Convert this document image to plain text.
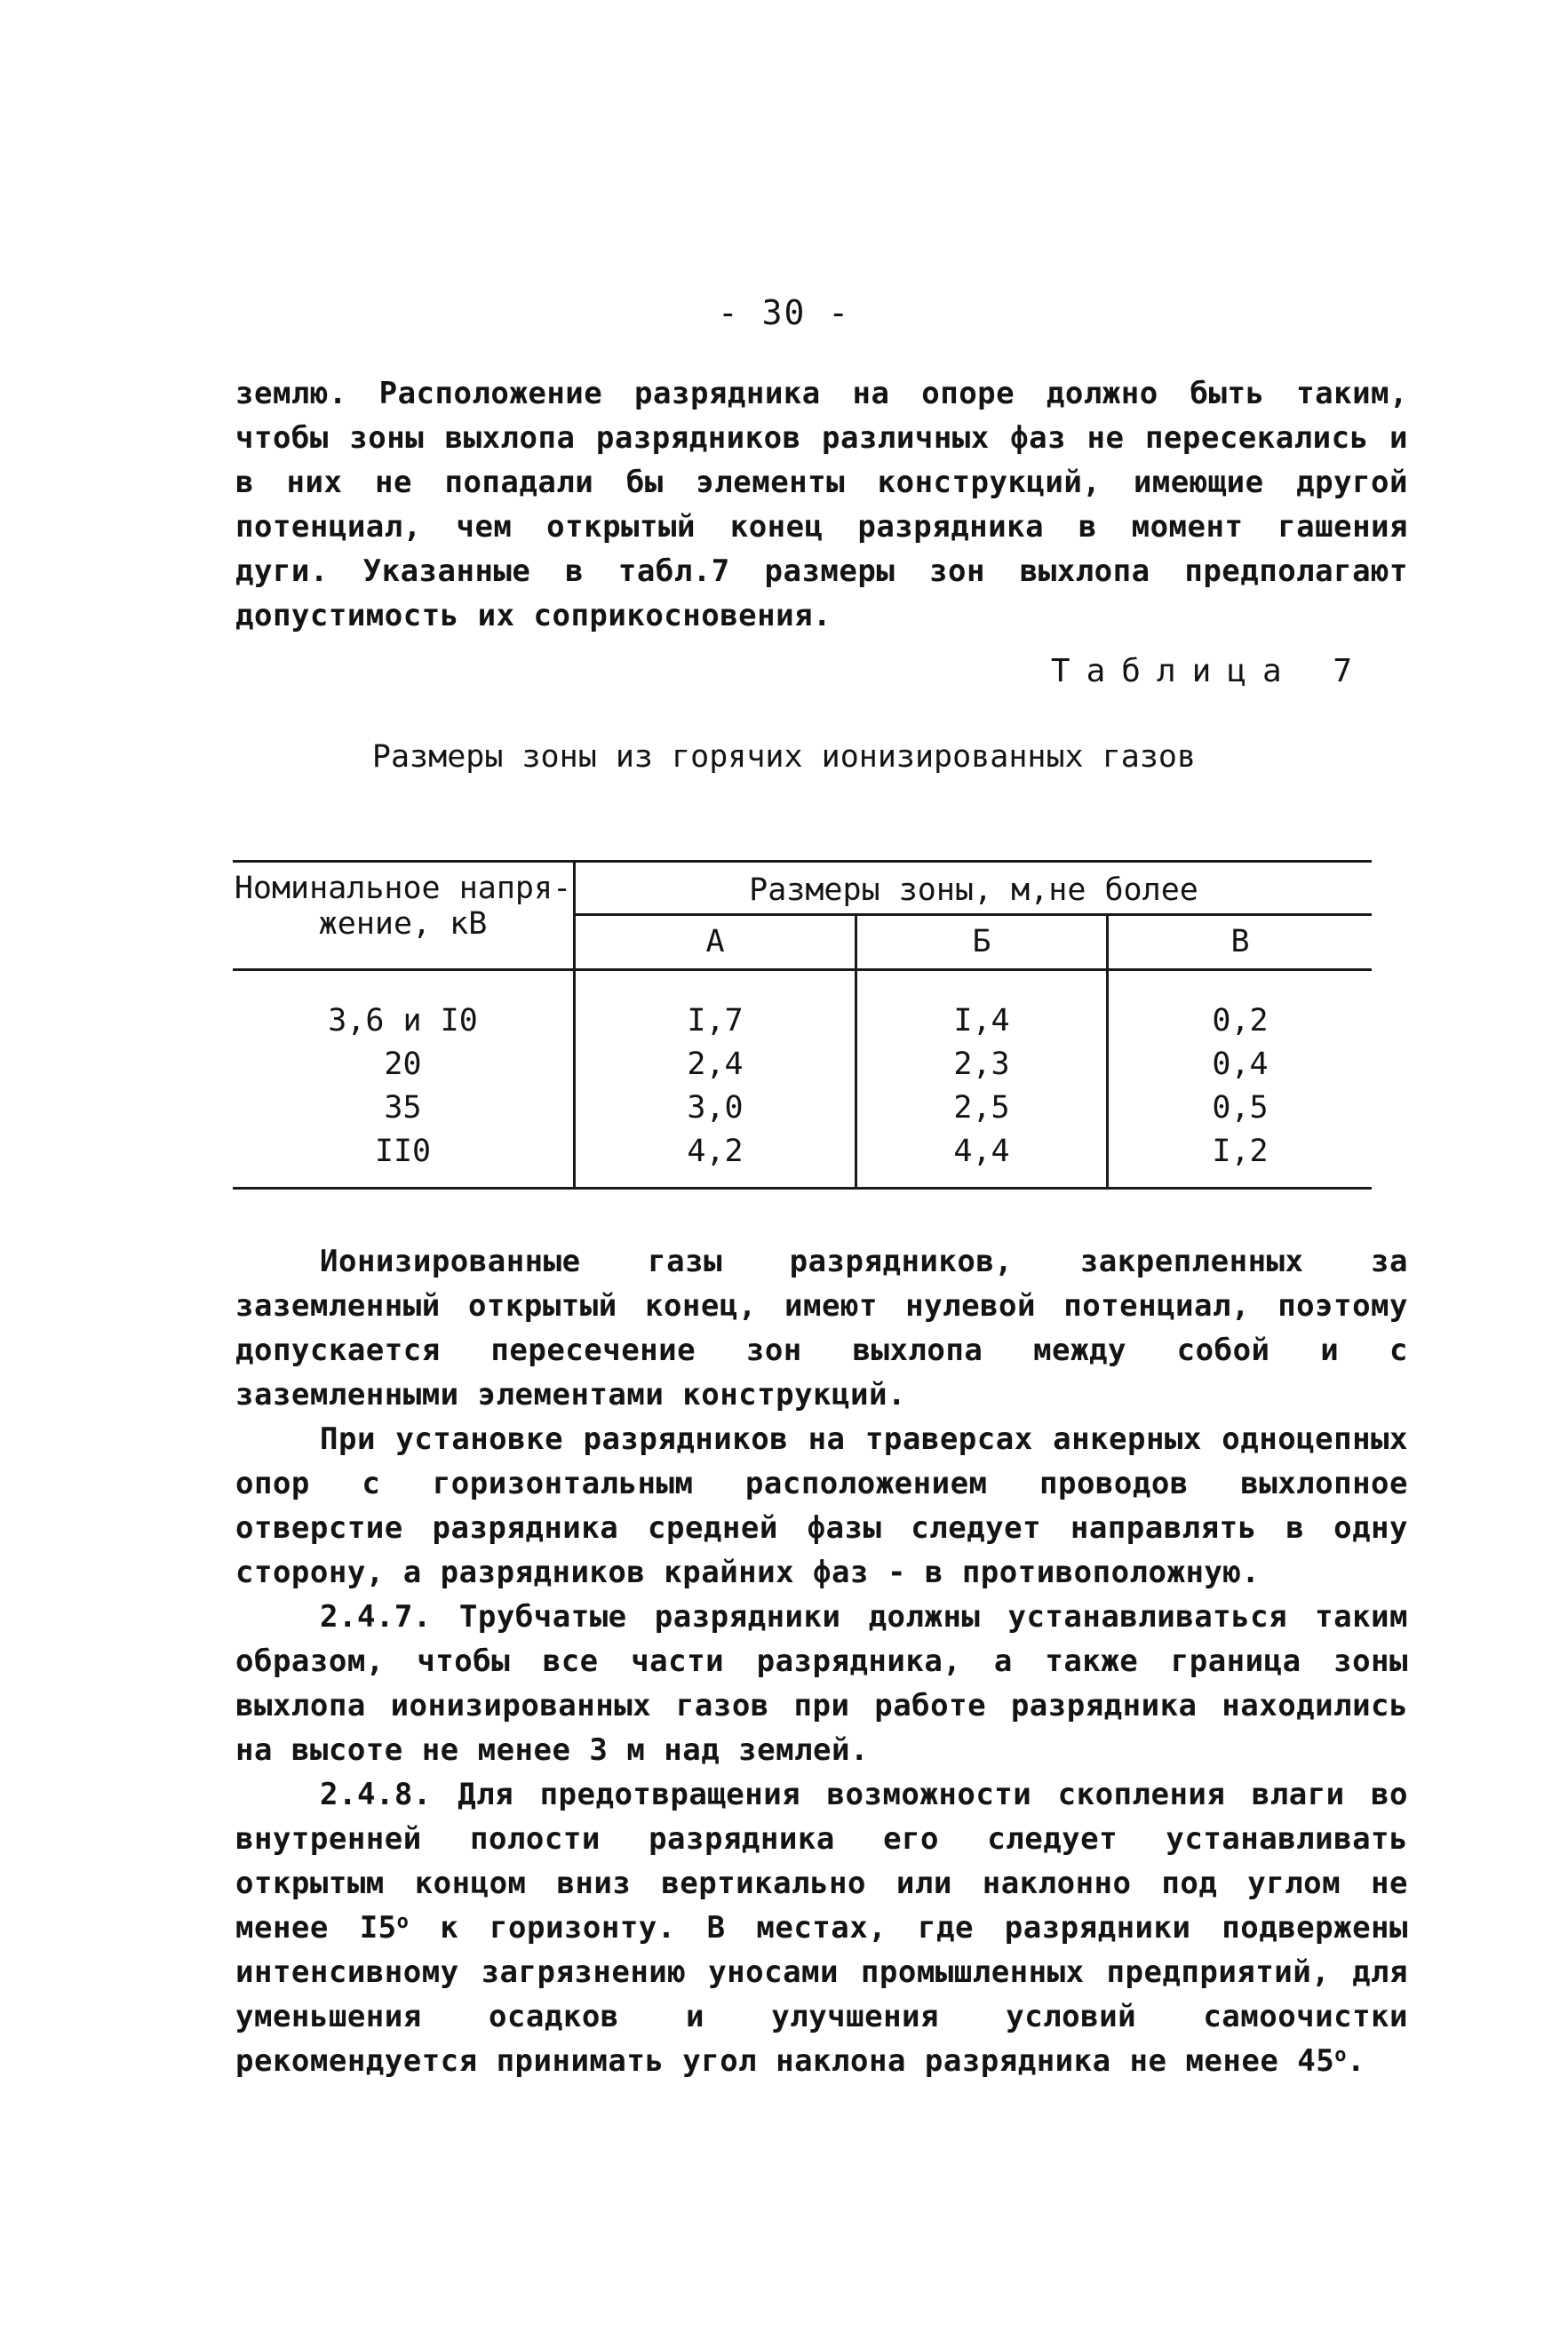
- 30 -

землю. Расположение разрядника на опоре должно быть таким, чтобы зоны выхлопа разрядников различных фаз не пересекались и в них не попадали бы элементы конструкций, имеющие другой потенциал, чем открытый конец разрядника в момент гашения дуги. Указанные в табл.7 размеры зон выхлопа предполагают допустимость их соприкосновения.

Таблица 7
Размеры зоны из горячих ионизированных газов
Номинальное напря-
жение, кВ
Размеры зоны, м,не более
А	Б	В
3,6 и I0	I,7	I,4	0,2
20	2,4	2,3	0,4
35	3,0	2,5	0,5
II0	4,2	4,4	I,2

Ионизированные газы разрядников, закрепленных за заземленный открытый конец, имеют нулевой потенциал, поэтому допускается пересечение зон выхлопа между собой и с заземленными элементами конструкций.

При установке разрядников на траверсах анкерных одноцепных опор с горизонтальным расположением проводов выхлопное отверстие разрядника средней фазы следует направлять в одну сторону, а разрядников крайних фаз - в противоположную.

2.4.7. Трубчатые разрядники должны устанавливаться таким образом, чтобы все части разрядника, а также граница зоны выхлопа ионизированных газов при работе разрядника находились на высоте не менее 3 м над землей.

2.4.8. Для предотвращения возможности скопления влаги во внутренней полости разрядника его следует устанавливать открытым концом вниз вертикально или наклонно под углом не менее $I5^о$ к горизонту. В местах, где разрядники подвержены интенсивному загрязнению уносами промышленных предприятий, для уменьшения осадков и улучшения условий самоочистки рекомендуется принимать угол наклона разрядника не менее $45^о$.
